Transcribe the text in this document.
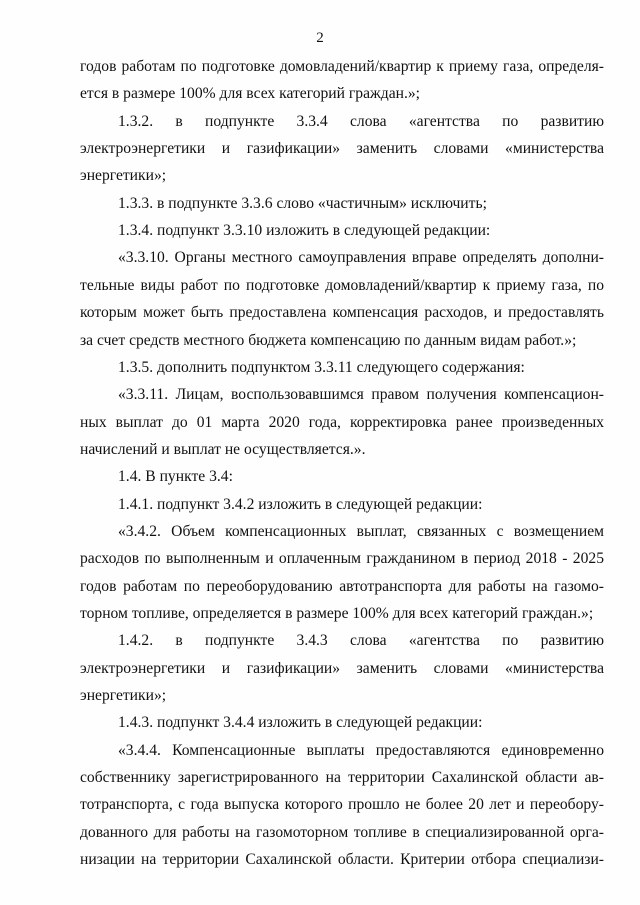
2
годов работам по подготовке домовладений/квартир к приему газа, определя-
ется в размере 100% для всех категорий граждан.»;
1.3.2. в подпункте 3.3.4 слова «агентства по развитию
электроэнергетики и газификации» заменить словами «министерства
энергетики»;
1.3.3. в подпункте 3.3.6 слово «частичным» исключить;
1.3.4. подпункт 3.3.10 изложить в следующей редакции:
«3.3.10. Органы местного самоуправления вправе определять дополни-
тельные виды работ по подготовке домовладений/квартир к приему газа, по
которым может быть предоставлена компенсация расходов, и предоставлять
за счет средств местного бюджета компенсацию по данным видам работ.»;
1.3.5. дополнить подпунктом 3.3.11 следующего содержания:
«3.3.11. Лицам, воспользовавшимся правом получения компенсацион-
ных выплат до 01 марта 2020 года, корректировка ранее произведенных
начислений и выплат не осуществляется.».
1.4. В пункте 3.4:
1.4.1. подпункт 3.4.2 изложить в следующей редакции:
«3.4.2. Объем компенсационных выплат, связанных с возмещением
расходов по выполненным и оплаченным гражданином в период 2018 - 2025
годов работам по переоборудованию автотранспорта для работы на газомо-
торном топливе, определяется в размере 100% для всех категорий граждан.»;
1.4.2. в подпункте 3.4.3 слова «агентства по развитию
электроэнергетики и газификации» заменить словами «министерства
энергетики»;
1.4.3. подпункт 3.4.4 изложить в следующей редакции:
«3.4.4. Компенсационные выплаты предоставляются единовременно
собственнику зарегистрированного на территории Сахалинской области ав-
тотранспорта, с года выпуска которого прошло не более 20 лет и переобору-
дованного для работы на газомоторном топливе в специализированной орга-
низации на территории Сахалинской области. Критерии отбора специализи-
